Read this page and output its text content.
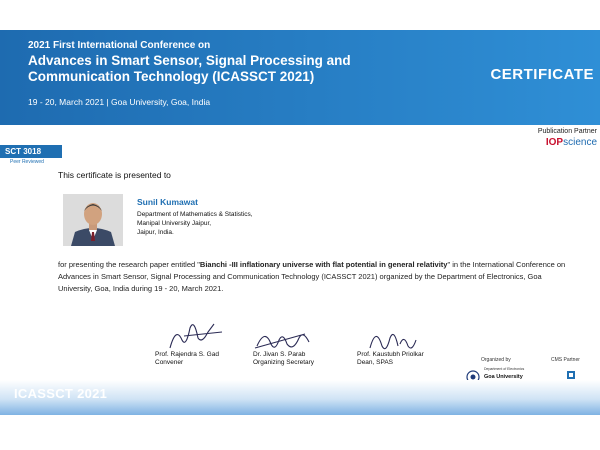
2021 First International Conference on
Advances in Smart Sensor, Signal Processing and Communication Technology (ICASSCT 2021)
19 - 20, March 2021 | Goa University, Goa, India
CERTIFICATE
Publication Partner
IOPscience
SCT 3018
Peer Reviewed
This certificate is presented to
Sunil Kumawat
Department of Mathematics & Statistics,
Manipal University Jaipur,
Jaipur, India.
for presenting the research paper entitled "Bianchi -III inflationary universe with flat potential in general relativity" in the International Conference on Advances in Smart Sensor, Signal Processing and Communication Technology (ICASSCT 2021) organized by the Department of Electronics, Goa University, Goa, India during 19 - 20, March 2021.
Prof. Rajendra S. Gad
Convener
Dr. Jivan S. Parab
Organizing Secretary
Prof. Kaustubh Priolkar
Dean, SPAS	Organized by	CMS Partner
Department of Electronics
Goa University
ICASSCT 2021
